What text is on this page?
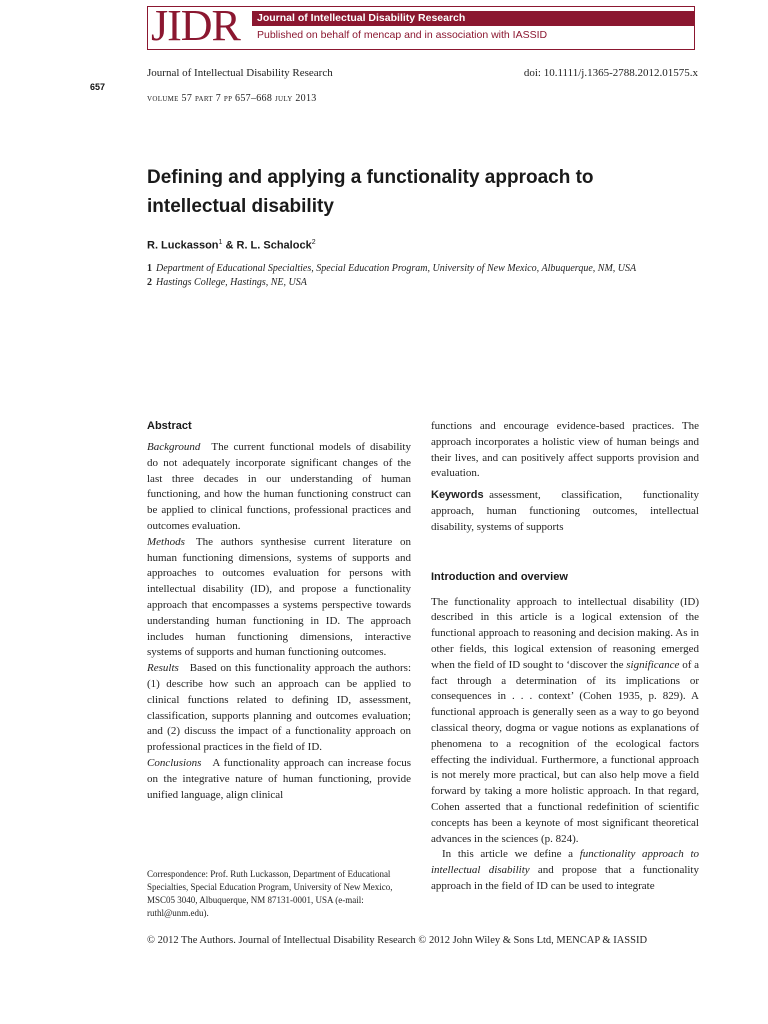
JIDR Journal of Intellectual Disability Research
Published on behalf of mencap and in association with IASSID
657
Journal of Intellectual Disability Research	doi: 10.1111/j.1365-2788.2012.01575.x
volume 57 part 7 pp 657–668 july 2013
Defining and applying a functionality approach to
intellectual disability
R. Luckasson$^1$ & R. L. Schalock$^2$
1 Department of Educational Specialties, Special Education Program, University of New Mexico, Albuquerque, NM, USA
2 Hastings College, Hastings, NE, USA
Abstract

Background  The current functional models of disability do not adequately incorporate significant changes of the last three decades in our understanding of human functioning, and how the human functioning construct can be applied to clinical functions, professional practices and outcomes evaluation.

Methods  The authors synthesise current literature on human functioning dimensions, systems of supports and approaches to outcomes evaluation for persons with intellectual disability (ID), and propose a functionality approach that encompasses a systems perspective towards understanding human functioning in ID. The approach includes human functioning dimensions, interactive systems of supports and human functioning outcomes.

Results  Based on this functionality approach the authors: (1) describe how such an approach can be applied to clinical functions related to defining ID, assessment, classification, supports planning and outcomes evaluation; and (2) discuss the impact of a functionality approach on professional practices in the field of ID.

Conclusions  A functionality approach can increase focus on the integrative nature of human functioning, provide unified language, align clinical

Correspondence: Prof. Ruth Luckasson, Department of Educational Specialties, Special Education Program, University of New Mexico, MSC05 3040, Albuquerque, NM 87131-0001, USA (e-mail: ruthl@unm.edu).

functions and encourage evidence-based practices. The approach incorporates a holistic view of human beings and their lives, and can positively affect supports provision and evaluation.

Keywords  assessment, classification, functionality approach, human functioning outcomes, intellectual disability, systems of supports

Introduction and overview

The functionality approach to intellectual disability (ID) described in this article is a logical extension of the functional approach to reasoning and decision making. As in other fields, this logical extension of reasoning emerged when the field of ID sought to ‘discover the significance of a fact through a determination of its implications or consequences in . . . context’ (Cohen 1935, p. 829). A functional approach is generally seen as a way to go beyond classical theory, dogma or vague notions as explanations of phenomena to a recognition of the ecological factors effecting the individual. Furthermore, a functional approach is not merely more practical, but can also help move a field forward by taking a more holistic approach. In that regard, Cohen asserted that a functional redefinition of scientific concepts has been a keynote of most significant theoretical advances in the sciences (p. 824).

In this article we define a functionality approach to intellectual disability and propose that a functionality approach in the field of ID can be used to integrate

© 2012 The Authors. Journal of Intellectual Disability Research © 2012 John Wiley & Sons Ltd, MENCAP & IASSID
